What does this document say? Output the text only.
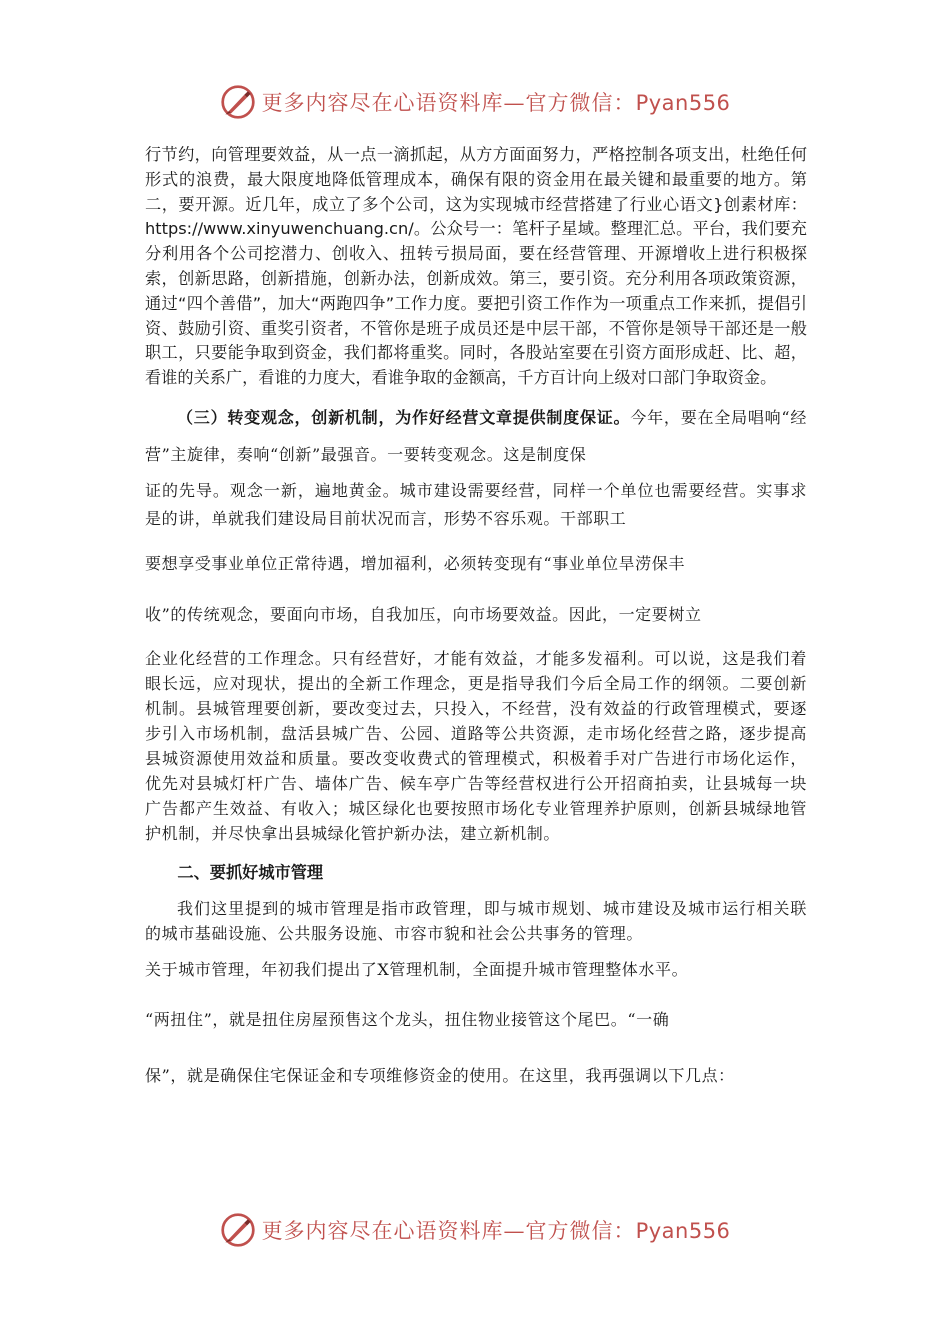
更多内容尽在心语资料库—官方微信：Pyan556

行节约，向管理要效益，从一点一滴抓起，从方方面面努力，严格控制各项支出，杜绝任何形式的浪费，最大限度地降低管理成本，确保有限的资金用在最关键和最重要的地方。第二，要开源。近几年，成立了多个公司，这为实现城市经营搭建了行业心语文}创素材库：https://www.xinyuwenchuang.cn/。公众号一：笔杆子星域。整理汇总。平台，我们要充分利用各个公司挖潜力、创收入、扭转亏损局面，要在经营管理、开源增收上进行积极探索，创新思路，创新措施，创新办法，创新成效。第三，要引资。充分利用各项政策资源，通过“四个善借”，加大“两跑四争”工作力度。要把引资工作作为一项重点工作来抓，提倡引资、鼓励引资、重奖引资者，不管你是班子成员还是中层干部，不管你是领导干部还是一般职工，只要能争取到资金，我们都将重奖。同时，各股站室要在引资方面形成赶、比、超，看谁的关系广，看谁的力度大，看谁争取的金额高，千方百计向上级对口部门争取资金。

（三）转变观念，创新机制，为作好经营文章提供制度保证。今年，要在全局唱响“经营”主旋律，奏响“创新”最强音。一要转变观念。这是制度保

证的先导。观念一新，遍地黄金。城市建设需要经营，同样一个单位也需要经营。实事求是的讲，单就我们建设局目前状况而言，形势不容乐观。干部职工

要想享受事业单位正常待遇，增加福利，必须转变现有“事业单位旱涝保丰

收”的传统观念，要面向市场，自我加压，向市场要效益。因此，一定要树立

企业化经营的工作理念。只有经营好，才能有效益，才能多发福利。可以说，这是我们着眼长远，应对现状，提出的全新工作理念，更是指导我们今后全局工作的纲领。二要创新机制。县城管理要创新，要改变过去，只投入，不经营，没有效益的行政管理模式，要逐步引入市场机制，盘活县城广告、公园、道路等公共资源，走市场化经营之路，逐步提高县城资源使用效益和质量。要改变收费式的管理模式，积极着手对广告进行市场化运作，优先对县城灯杆广告、墙体广告、候车亭广告等经营权进行公开招商拍卖，让县城每一块广告都产生效益、有收入；城区绿化也要按照市场化专业管理养护原则，创新县城绿地管护机制，并尽快拿出县城绿化管护新办法，建立新机制。

二、要抓好城市管理

我们这里提到的城市管理是指市政管理，即与城市规划、城市建设及城市运行相关联的城市基础设施、公共服务设施、市容市貌和社会公共事务的管理。

关于城市管理，年初我们提出了X管理机制，全面提升城市管理整体水平。

“两扭住”，就是扭住房屋预售这个龙头，扭住物业接管这个尾巴。“一确

保”，就是确保住宅保证金和专项维修资金的使用。在这里，我再强调以下几点：

更多内容尽在心语资料库—官方微信：Pyan556
